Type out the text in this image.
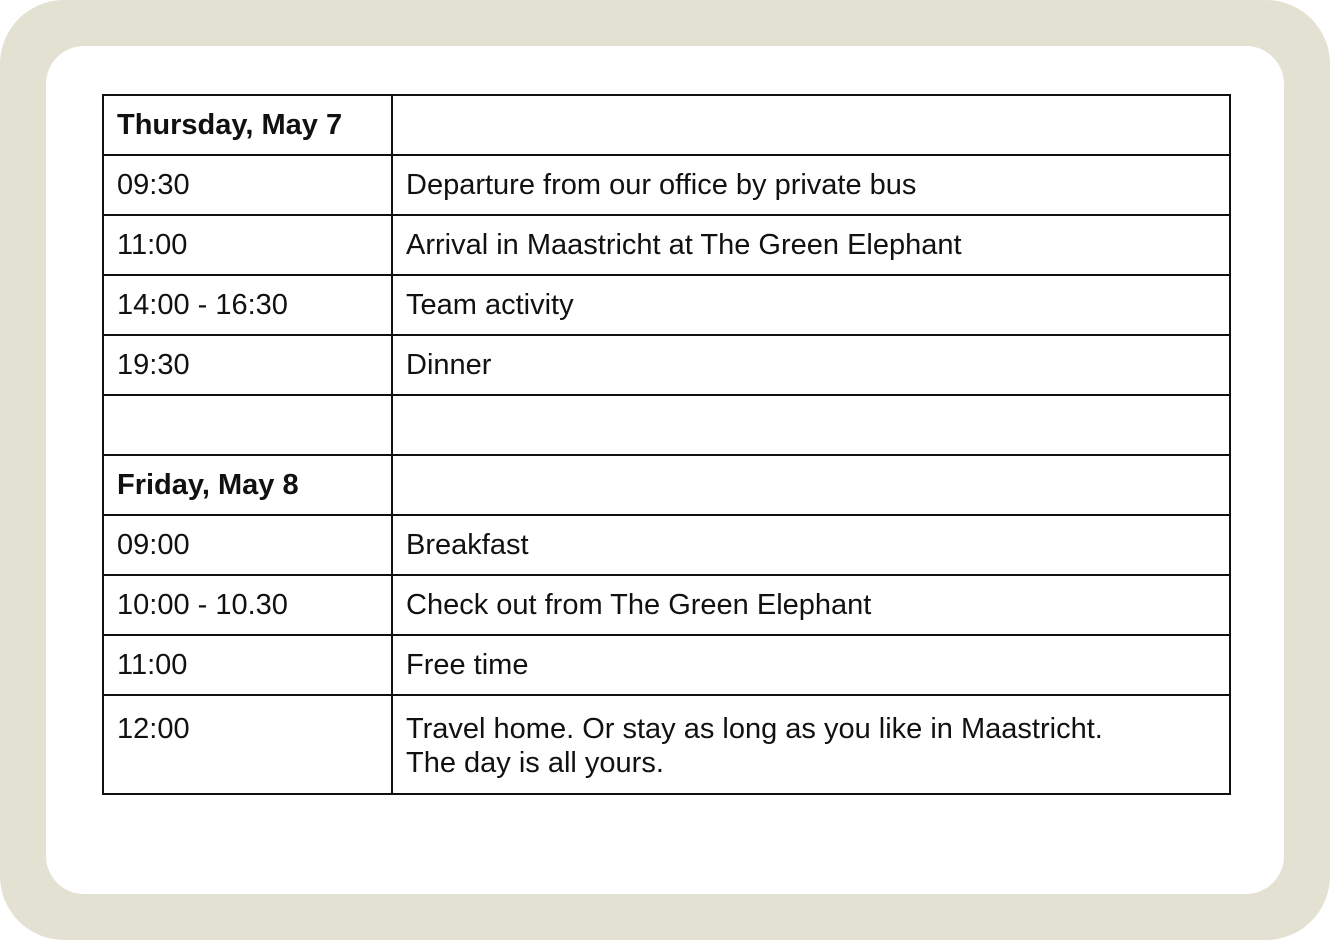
Thursday, May 7	
09:30	Departure from our office by private bus
11:00	Arrival in Maastricht at The Green Elephant
14:00 - 16:30	Team activity
19:30	Dinner

Friday, May 8	
09:00	Breakfast
10:00 - 10.30	Check out from The Green Elephant
11:00	Free time
12:00	Travel home. Or stay as long as you like in Maastricht.
The day is all yours.
